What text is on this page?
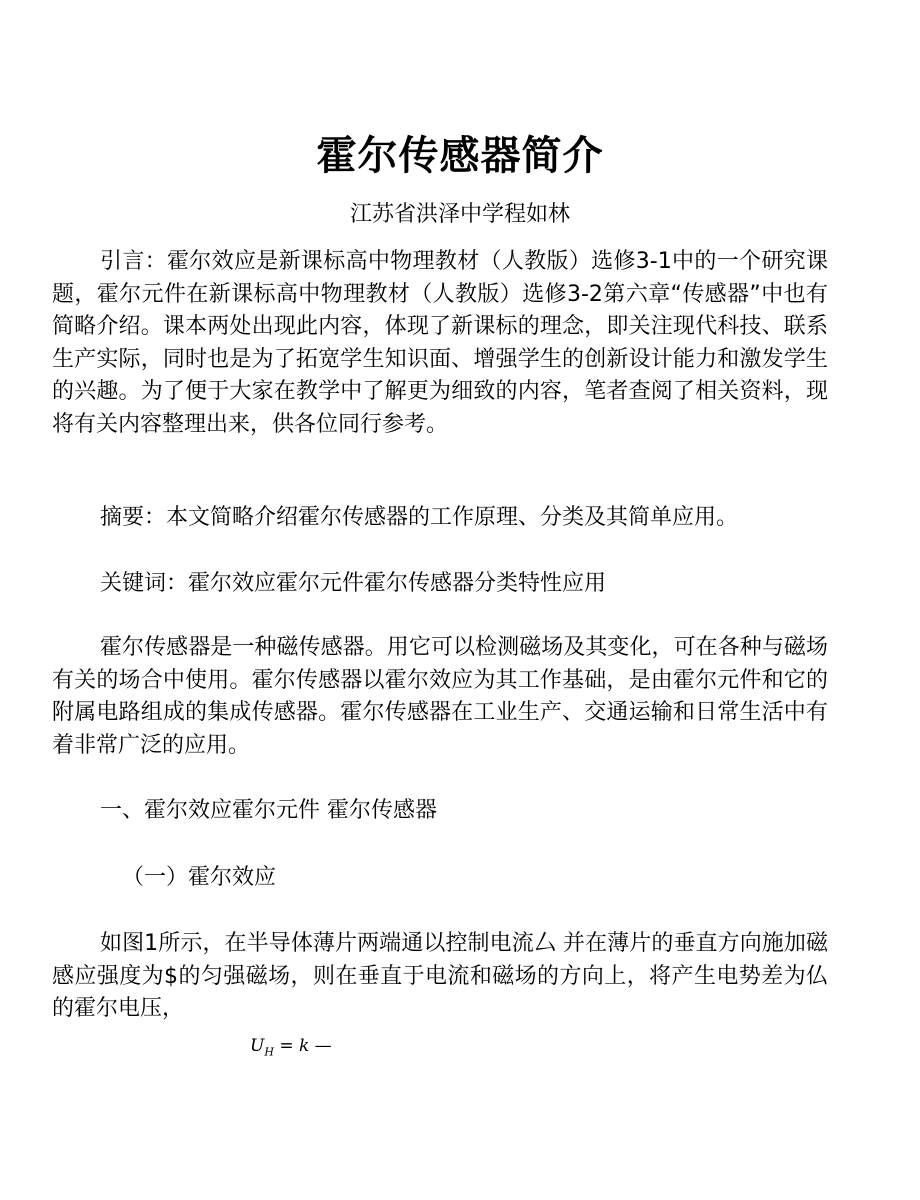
霍尔传感器简介
江苏省洪泽中学程如林

引言：霍尔效应是新课标高中物理教材（人教版）选修3-1中的一个研究课题，霍尔元件在新课标高中物理教材（人教版）选修3-2第六章“传感器”中也有简略介绍。课本两处出现此内容，体现了新课标的理念，即关注现代科技、联系生产实际，同时也是为了拓宽学生知识面、增强学生的创新设计能力和激发学生的兴趣。为了便于大家在教学中了解更为细致的内容，笔者查阅了相关资料，现将有关内容整理出来，供各位同行参考。

摘要：本文简略介绍霍尔传感器的工作原理、分类及其简单应用。
关键词：霍尔效应霍尔元件霍尔传感器分类特性应用

霍尔传感器是一种磁传感器。用它可以检测磁场及其变化，可在各种与磁场有关的场合中使用。霍尔传感器以霍尔效应为其工作基础，是由霍尔元件和它的附属电路组成的集成传感器。霍尔传感器在工业生产、交通运输和日常生活中有着非常广泛的应用。

一、霍尔效应霍尔元件 霍尔传感器
（一）霍尔效应

如图1所示，在半导体薄片两端通以控制电流厶 并在薄片的垂直方向施加磁感应强度为$的匀强磁场，则在垂直于电流和磁场的方向上，将产生电势差为仏的霍尔电压，

$U_H = k$ —
